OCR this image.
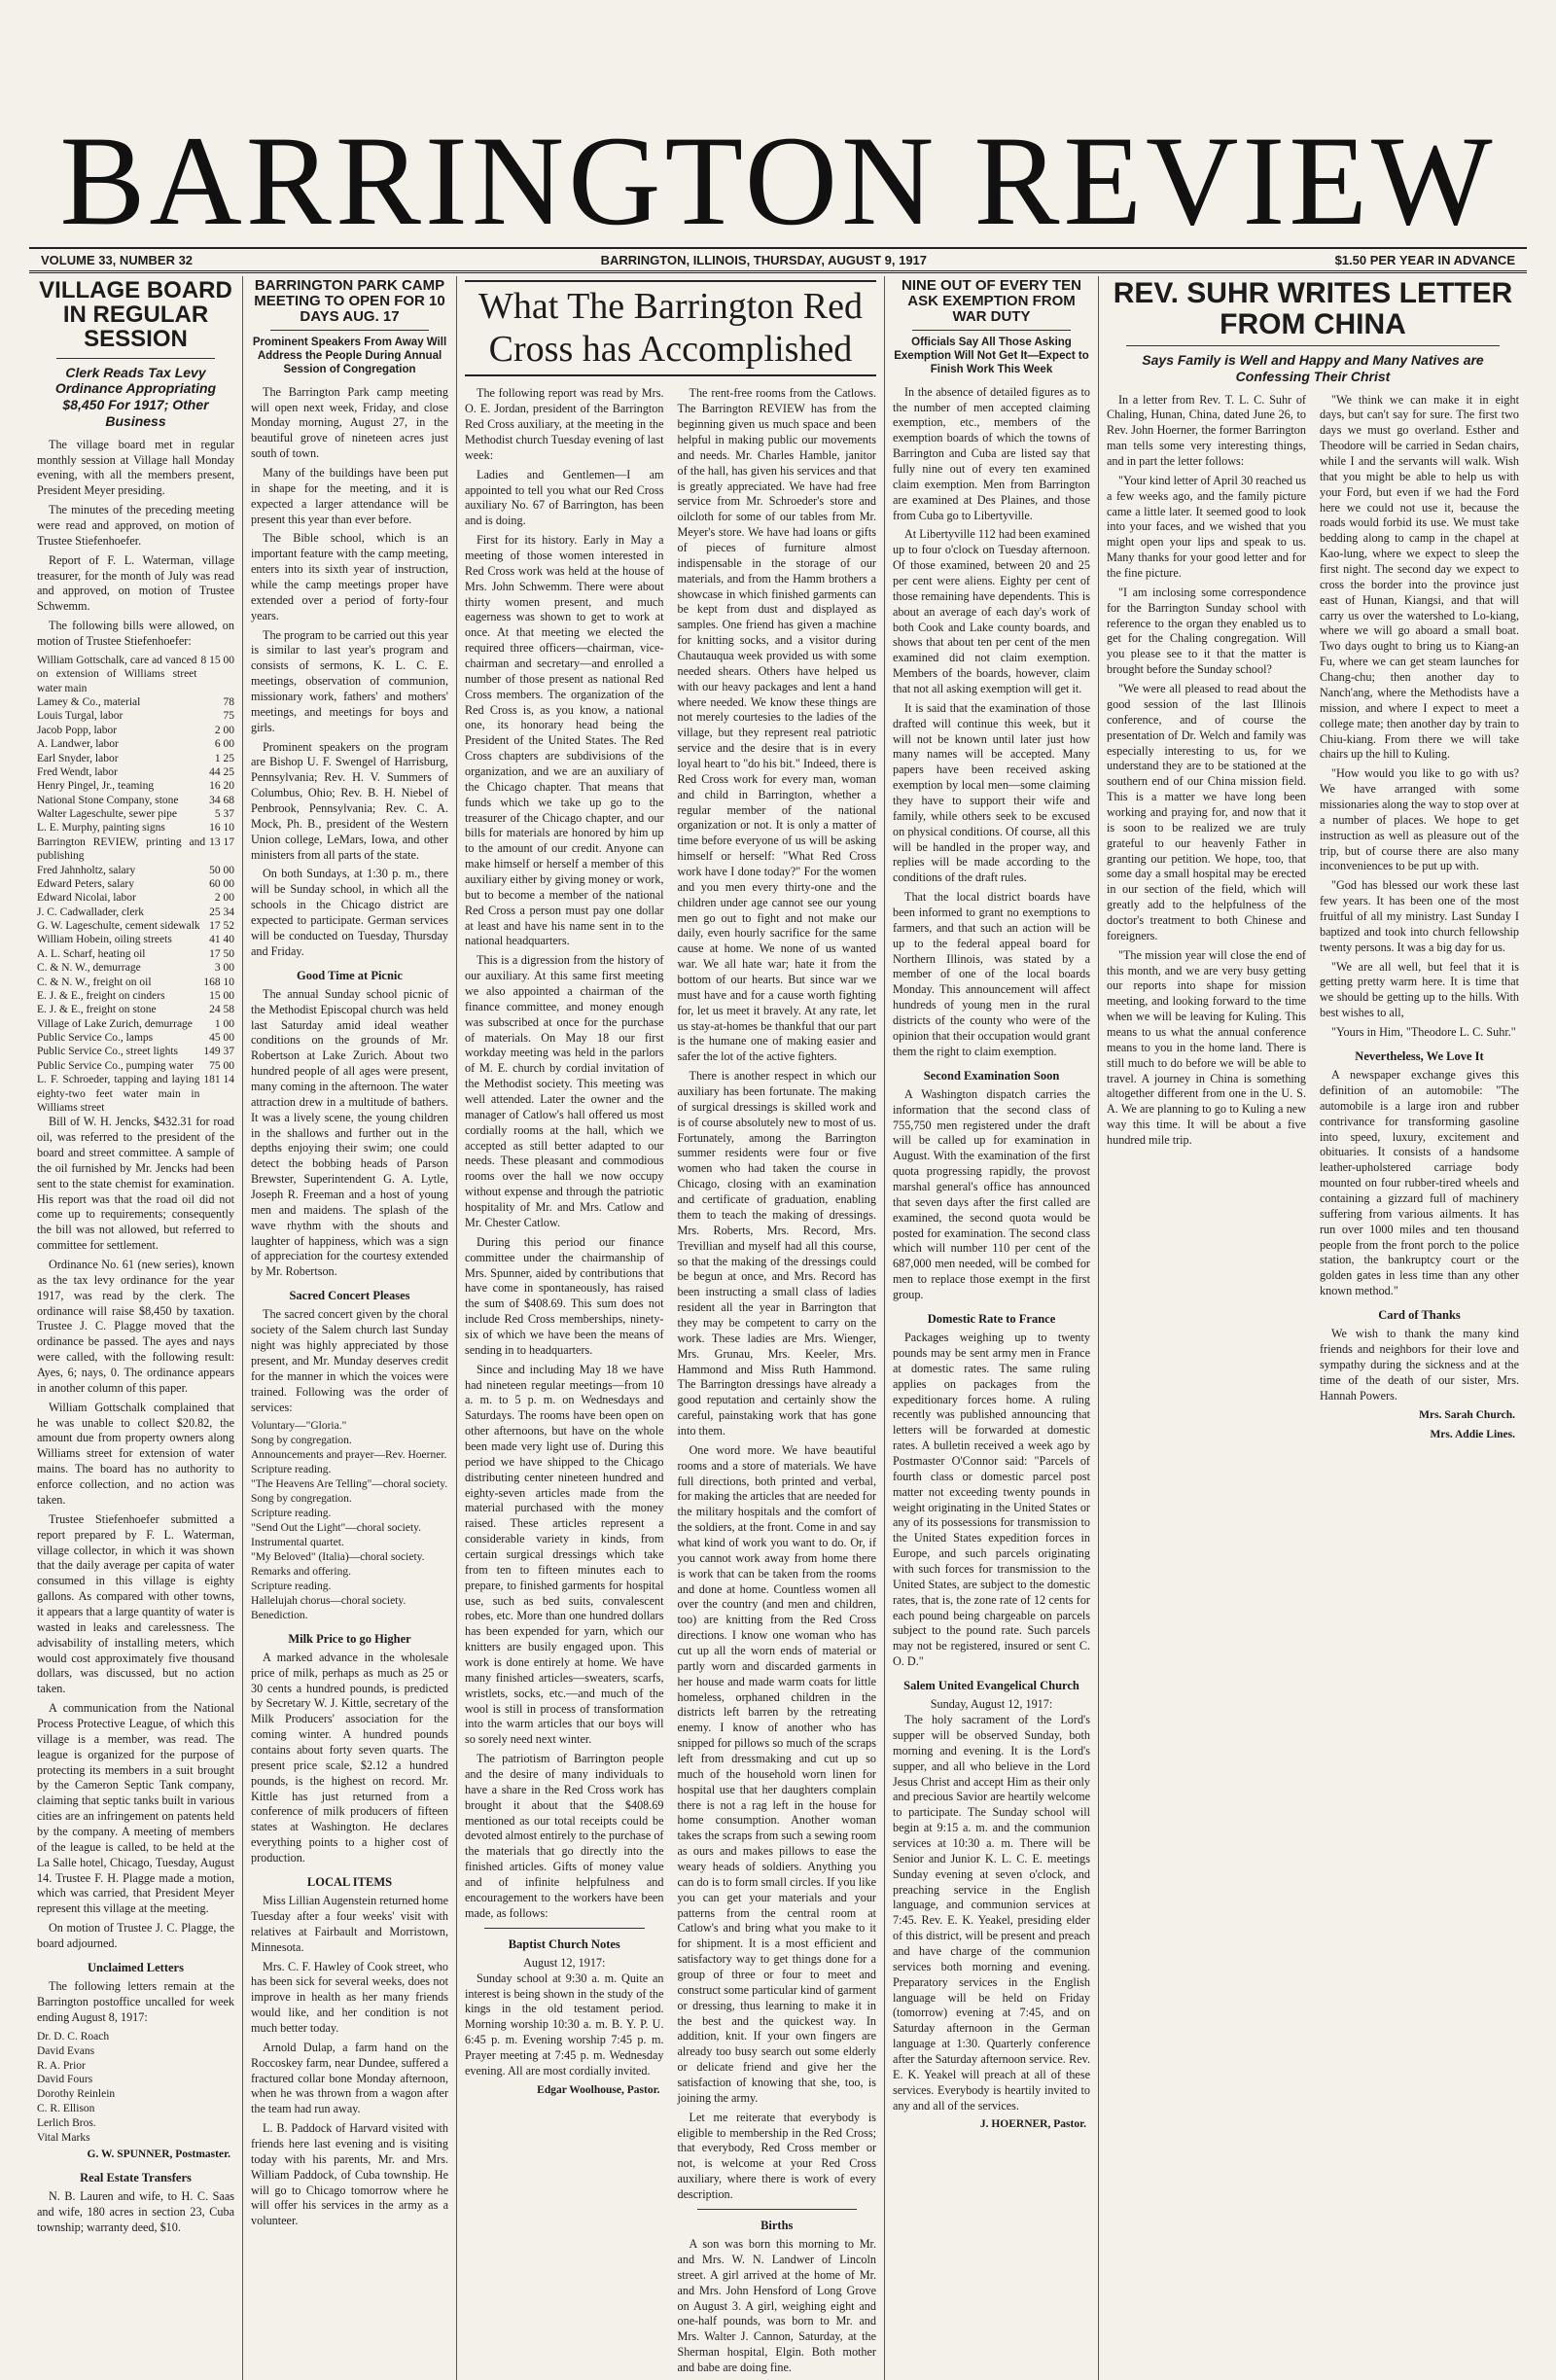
BARRINGTON REVIEW
VOLUME 33, NUMBER 32	BARRINGTON, ILLINOIS, THURSDAY, AUGUST 9, 1917	$1.50 PER YEAR IN ADVANCE
VILLAGE BOARD IN REGULAR SESSION
Clerk Reads Tax Levy Ordinance Appropriating $8,450 For 1917; Other Business

The village board met in regular monthly session at Village hall Monday evening, with all the members present, President Meyer presiding.

The minutes of the preceding meeting were read and approved, on motion of Trustee Stiefenhoefer.

Report of F. L. Waterman, village treasurer, for the month of July was read and approved, on motion of Trustee Schwemm.

The following bills were allowed, on motion of Trustee Stiefenhoefer:

William Gottschalk, care ad vanced on extension of Williams street water main
8 15 00
Lamey & Co., material	78
Louis Turgal, labor	75
Jacob Popp, labor	2 00
A. Landwer, labor	6 00
Earl Snyder, labor	1 25
Fred Wendt, labor	44 25
Henry Pingel, Jr., teaming	16 20
National Stone Company, stone	34 68
Walter Lageschulte, sewer pipe	5 37
L. E. Murphy, painting signs	16 10
Barrington REVIEW, printing and publishing
13 17
Fred Jahnholtz, salary	50 00
Edward Peters, salary	60 00
Edward Nicolai, labor	2 00
J. C. Cadwallader, clerk	25 34
G. W. Lageschulte, cement sidewalk 17 52
William Hobein, oiling streets	41 40
A. L. Scharf, heating oil	17 50
C. & N. W., demurrage	3 00
C. & N. W., freight on oil	168 10
E. J. & E., freight on cinders	15 00
E. J. & E., freight on stone	24 58
Village of Lake Zurich, demurrage	1 00
Public Service Co., lamps	45 00
Public Service Co., street lights	149 37
Public Service Co., pumping water	75 00
L. F. Schroeder, tapping and laying eighty-two feet water main in Williams street
181 14

Bill of W. H. Jencks, $432.31 for road oil, was referred to the president of the board and street committee. A sample of the oil furnished by Mr. Jencks had been sent to the state chemist for examination. His report was that the road oil did not come up to requirements; consequently the bill was not allowed, but referred to committee for settlement.

Ordinance No. 61 (new series), known as the tax levy ordinance for the year 1917, was read by the clerk. The ordinance will raise $8,450 by taxation. Trustee J. C. Plagge moved that the ordinance be passed. The ayes and nays were called, with the following result: Ayes, 6; nays, 0. The ordinance appears in another column of this paper.

William Gottschalk complained that he was unable to collect $20.82, the amount due from property owners along Williams street for extension of water mains. The board has no authority to enforce collection, and no action was taken.

Trustee Stiefenhoefer submitted a report prepared by F. L. Waterman, village collector, in which it was shown that the daily average per capita of water consumed in this village is eighty gallons. As compared with other towns, it appears that a large quantity of water is wasted in leaks and carelessness. The advisability of installing meters, which would cost approximately five thousand dollars, was discussed, but no action taken.

A communication from the National Process Protective League, of which this village is a member, was read. The league is organized for the purpose of protecting its members in a suit brought by the Cameron Septic Tank company, claiming that septic tanks built in various cities are an infringement on patents held by the company. A meeting of members of the league is called, to be held at the La Salle hotel, Chicago, Tuesday, August 14. Trustee F. H. Plagge made a motion, which was carried, that President Meyer represent this village at the meeting.

On motion of Trustee J. C. Plagge, the board adjourned.

Unclaimed Letters

The following letters remain at the Barrington postoffice uncalled for week ending August 8, 1917:

Dr. D. C. Roach
David Evans
R. A. Prior
David Fours
Dorothy Reinlein
C. R. Ellison
Lerlich Bros.
Vital Marks
G. W. SPUNNER, Postmaster.
Real Estate Transfers

N. B. Lauren and wife, to H. C. Saas and wife, 180 acres in section 23, Cuba township; warranty deed, $10.

BARRINGTON PARK CAMP MEETING TO OPEN FOR 10 DAYS AUG. 17
Prominent Speakers From Away Will Address the People During Annual Session of Congregation

The Barrington Park camp meeting will open next week, Friday, and close Monday morning, August 27, in the beautiful grove of nineteen acres just south of town.

Many of the buildings have been put in shape for the meeting, and it is expected a larger attendance will be present this year than ever before.

The Bible school, which is an important feature with the camp meeting, enters into its sixth year of instruction, while the camp meetings proper have extended over a period of forty-four years.

The program to be carried out this year is similar to last year's program and consists of sermons, K. L. C. E. meetings, observation of communion, missionary work, fathers' and mothers' meetings, and meetings for boys and girls.

Prominent speakers on the program are Bishop U. F. Swengel of Harrisburg, Pennsylvania; Rev. H. V. Summers of Columbus, Ohio; Rev. B. H. Niebel of Penbrook, Pennsylvania; Rev. C. A. Mock, Ph. B., president of the Western Union college, LeMars, Iowa, and other ministers from all parts of the state.

On both Sundays, at 1:30 p. m., there will be Sunday school, in which all the schools in the Chicago district are expected to participate. German services will be conducted on Tuesday, Thursday and Friday.

Good Time at Picnic

The annual Sunday school picnic of the Methodist Episcopal church was held last Saturday amid ideal weather conditions on the grounds of Mr. Robertson at Lake Zurich. About two hundred people of all ages were present, many coming in the afternoon. The water attraction drew in a multitude of bathers. It was a lively scene, the young children in the shallows and further out in the depths enjoying their swim; one could detect the bobbing heads of Parson Brewster, Superintendent G. A. Lytle, Joseph R. Freeman and a host of young men and maidens. The splash of the wave rhythm with the shouts and laughter of happiness, which was a sign of appreciation for the courtesy extended by Mr. Robertson.

Sacred Concert Pleases

The sacred concert given by the choral society of the Salem church last Sunday night was highly appreciated by those present, and Mr. Munday deserves credit for the manner in which the voices were trained. Following was the order of services:

Voluntary—"Gloria."
Song by congregation.
Announcements and prayer—Rev. Hoerner.
Scripture reading.
"The Heavens Are Telling"—choral society.
Song by congregation.
Scripture reading.
"Send Out the Light"—choral society.
Instrumental quartet.
"My Beloved" (Italia)—choral society.
Remarks and offering.
Scripture reading.
Hallelujah chorus—choral society.
Benediction.
Milk Price to go Higher

A marked advance in the wholesale price of milk, perhaps as much as 25 or 30 cents a hundred pounds, is predicted by Secretary W. J. Kittle, secretary of the Milk Producers' association for the coming winter. A hundred pounds contains about forty seven quarts. The present price scale, $2.12 a hundred pounds, is the highest on record. Mr. Kittle has just returned from a conference of milk producers of fifteen states at Washington. He declares everything points to a higher cost of production.

LOCAL ITEMS

Miss Lillian Augenstein returned home Tuesday after a four weeks' visit with relatives at Fairbault and Morristown, Minnesota.

Mrs. C. F. Hawley of Cook street, who has been sick for several weeks, does not improve in health as her many friends would like, and her condition is not much better today.

Arnold Dulap, a farm hand on the Roccoskey farm, near Dundee, suffered a fractured collar bone Monday afternoon, when he was thrown from a wagon after the team had run away.

L. B. Paddock of Harvard visited with friends here last evening and is visiting today with his parents, Mr. and Mrs. William Paddock, of Cuba township. He will go to Chicago tomorrow where he will offer his services in the army as a volunteer.

What The Barrington Red Cross has Accomplished

The following report was read by Mrs. O. E. Jordan, president of the Barrington Red Cross auxiliary, at the meeting in the Methodist church Tuesday evening of last week:

Ladies and Gentlemen—I am appointed to tell you what our Red Cross auxiliary No. 67 of Barrington, has been and is doing.

First for its history. Early in May a meeting of those women interested in Red Cross work was held at the house of Mrs. John Schwemm. There were about thirty women present, and much eagerness was shown to get to work at once. At that meeting we elected the required three officers—chairman, vice-chairman and secretary—and enrolled a number of those present as national Red Cross members. The organization of the Red Cross is, as you know, a national one, its honorary head being the President of the United States. The Red Cross chapters are subdivisions of the organization, and we are an auxiliary of the Chicago chapter. That means that funds which we take up go to the treasurer of the Chicago chapter, and our bills for materials are honored by him up to the amount of our credit. Anyone can make himself or herself a member of this auxiliary either by giving money or work, but to become a member of the national Red Cross a person must pay one dollar at least and have his name sent in to the national headquarters.

This is a digression from the history of our auxiliary. At this same first meeting we also appointed a chairman of the finance committee, and money enough was subscribed at once for the purchase of materials. On May 18 our first workday meeting was held in the parlors of M. E. church by cordial invitation of the Methodist society. This meeting was well attended. Later the owner and the manager of Catlow's hall offered us most cordially rooms at the hall, which we accepted as still better adapted to our needs. These pleasant and commodious rooms over the hall we now occupy without expense and through the patriotic hospitality of Mr. and Mrs. Catlow and Mr. Chester Catlow.

During this period our finance committee under the chairmanship of Mrs. Spunner, aided by contributions that have come in spontaneously, has raised the sum of $408.69. This sum does not include Red Cross memberships, ninety-six of which we have been the means of sending in to headquarters.

Since and including May 18 we have had nineteen regular meetings—from 10 a. m. to 5 p. m. on Wednesdays and Saturdays. The rooms have been open on other afternoons, but have on the whole been made very light use of. During this period we have shipped to the Chicago distributing center nineteen hundred and eighty-seven articles made from the material purchased with the money raised. These articles represent a considerable variety in kinds, from certain surgical dressings which take from ten to fifteen minutes each to prepare, to finished garments for hospital use, such as bed suits, convalescent robes, etc. More than one hundred dollars has been expended for yarn, which our knitters are busily engaged upon. This work is done entirely at home. We have many finished articles—sweaters, scarfs, wristlets, socks, etc.—and much of the wool is still in process of transformation into the warm articles that our boys will so sorely need next winter.

The patriotism of Barrington people and the desire of many individuals to have a share in the Red Cross work has brought it about that the $408.69 mentioned as our total receipts could be devoted almost entirely to the purchase of the materials that go directly into the finished articles. Gifts of money value and of infinite helpfulness and encouragement to the workers have been made, as follows:

Baptist Church Notes
August 12, 1917:

Sunday school at 9:30 a. m. Quite an interest is being shown in the study of the kings in the old testament period. Morning worship 10:30 a. m. B. Y. P. U. 6:45 p. m. Evening worship 7:45 p. m. Prayer meeting at 7:45 p. m. Wednesday evening. All are most cordially invited.

Edgar Woolhouse, Pastor.

The rent-free rooms from the Catlows. The Barrington REVIEW has from the beginning given us much space and been helpful in making public our movements and needs. Mr. Charles Hamble, janitor of the hall, has given his services and that is greatly appreciated. We have had free service from Mr. Schroeder's store and oilcloth for some of our tables from Mr. Meyer's store. We have had loans or gifts of pieces of furniture almost indispensable in the storage of our materials, and from the Hamm brothers a showcase in which finished garments can be kept from dust and displayed as samples. One friend has given a machine for knitting socks, and a visitor during Chautauqua week provided us with some needed shears. Others have helped us with our heavy packages and lent a hand where needed. We know these things are not merely courtesies to the ladies of the village, but they represent real patriotic service and the desire that is in every loyal heart to "do his bit." Indeed, there is Red Cross work for every man, woman and child in Barrington, whether a regular member of the national organization or not. It is only a matter of time before everyone of us will be asking himself or herself: "What Red Cross work have I done today?" For the women and you men every thirty-one and the children under age cannot see our young men go out to fight and not make our daily, even hourly sacrifice for the same cause at home. We none of us wanted war. We all hate war; hate it from the bottom of our hearts. But since war we must have and for a cause worth fighting for, let us meet it bravely. At any rate, let us stay-at-homes be thankful that our part is the humane one of making easier and safer the lot of the active fighters.

There is another respect in which our auxiliary has been fortunate. The making of surgical dressings is skilled work and is of course absolutely new to most of us. Fortunately, among the Barrington summer residents were four or five women who had taken the course in Chicago, closing with an examination and certificate of graduation, enabling them to teach the making of dressings. Mrs. Roberts, Mrs. Record, Mrs. Trevillian and myself had all this course, so that the making of the dressings could be begun at once, and Mrs. Record has been instructing a small class of ladies resident all the year in Barrington that they may be competent to carry on the work. These ladies are Mrs. Wienger, Mrs. Grunau, Mrs. Keeler, Mrs. Hammond and Miss Ruth Hammond. The Barrington dressings have already a good reputation and certainly show the careful, painstaking work that has gone into them.

One word more. We have beautiful rooms and a store of materials. We have full directions, both printed and verbal, for making the articles that are needed for the military hospitals and the comfort of the soldiers, at the front. Come in and say what kind of work you want to do. Or, if you cannot work away from home there is work that can be taken from the rooms and done at home. Countless women all over the country (and men and children, too) are knitting from the Red Cross directions. I know one woman who has cut up all the worn ends of material or partly worn and discarded garments in her house and made warm coats for little homeless, orphaned children in the districts left barren by the retreating enemy. I know of another who has snipped for pillows so much of the scraps left from dressmaking and cut up so much of the household worn linen for hospital use that her daughters complain there is not a rag left in the house for home consumption. Another woman takes the scraps from such a sewing room as ours and makes pillows to ease the weary heads of soldiers. Anything you can do is to form small circles. If you like you can get your materials and your patterns from the central room at Catlow's and bring what you make to it for shipment. It is a most efficient and satisfactory way to get things done for a group of three or four to meet and construct some particular kind of garment or dressing, thus learning to make it in the best and the quickest way. In addition, knit. If your own fingers are already too busy search out some elderly or delicate friend and give her the satisfaction of knowing that she, too, is joining the army.

Let me reiterate that everybody is eligible to membership in the Red Cross; that everybody, Red Cross member or not, is welcome at your Red Cross auxiliary, where there is work of every description.

Births

A son was born this morning to Mr. and Mrs. W. N. Landwer of Lincoln street. A girl arrived at the home of Mr. and Mrs. John Hensford of Long Grove on August 3. A girl, weighing eight and one-half pounds, was born to Mr. and Mrs. Walter J. Cannon, Saturday, at the Sherman hospital, Elgin. Both mother and babe are doing fine.

NINE OUT OF EVERY TEN ASK EXEMPTION FROM WAR DUTY
Officials Say All Those Asking Exemption Will Not Get It—Expect to Finish Work This Week

In the absence of detailed figures as to the number of men accepted claiming exemption, etc., members of the exemption boards of which the towns of Barrington and Cuba are listed say that fully nine out of every ten examined claim exemption. Men from Barrington are examined at Des Plaines, and those from Cuba go to Libertyville.

At Libertyville 112 had been examined up to four o'clock on Tuesday afternoon. Of those examined, between 20 and 25 per cent were aliens. Eighty per cent of those remaining have dependents. This is about an average of each day's work of both Cook and Lake county boards, and shows that about ten per cent of the men examined did not claim exemption. Members of the boards, however, claim that not all asking exemption will get it.

It is said that the examination of those drafted will continue this week, but it will not be known until later just how many names will be accepted. Many papers have been received asking exemption by local men—some claiming they have to support their wife and family, while others seek to be excused on physical conditions. Of course, all this will be handled in the proper way, and replies will be made according to the conditions of the draft rules.

That the local district boards have been informed to grant no exemptions to farmers, and that such an action will be up to the federal appeal board for Northern Illinois, was stated by a member of one of the local boards Monday. This announcement will affect hundreds of young men in the rural districts of the county who were of the opinion that their occupation would grant them the right to claim exemption.

Second Examination Soon

A Washington dispatch carries the information that the second class of 755,750 men registered under the draft will be called up for examination in August. With the examination of the first quota progressing rapidly, the provost marshal general's office has announced that seven days after the first called are examined, the second quota would be posted for examination. The second class which will number 110 per cent of the 687,000 men needed, will be combed for men to replace those exempt in the first group.

Domestic Rate to France

Packages weighing up to twenty pounds may be sent army men in France at domestic rates. The same ruling applies on packages from the expeditionary forces home. A ruling recently was published announcing that letters will be forwarded at domestic rates. A bulletin received a week ago by Postmaster O'Connor said: "Parcels of fourth class or domestic parcel post matter not exceeding twenty pounds in weight originating in the United States or any of its possessions for transmission to the United States expedition forces in Europe, and such parcels originating with such forces for transmission to the United States, are subject to the domestic rates, that is, the zone rate of 12 cents for each pound being chargeable on parcels subject to the pound rate. Such parcels may not be registered, insured or sent C. O. D."

Salem United Evangelical Church
Sunday, August 12, 1917:

The holy sacrament of the Lord's supper will be observed Sunday, both morning and evening. It is the Lord's supper, and all who believe in the Lord Jesus Christ and accept Him as their only and precious Savior are heartily welcome to participate. The Sunday school will begin at 9:15 a. m. and the communion services at 10:30 a. m. There will be Senior and Junior K. L. C. E. meetings Sunday evening at seven o'clock, and preaching service in the English language, and communion services at 7:45. Rev. E. K. Yeakel, presiding elder of this district, will be present and preach and have charge of the communion services both morning and evening. Preparatory services in the English language will be held on Friday (tomorrow) evening at 7:45, and on Saturday afternoon in the German language at 1:30. Quarterly conference after the Saturday afternoon service. Rev. E. K. Yeakel will preach at all of these services. Everybody is heartily invited to any and all of the services.

J. HOERNER, Pastor.
REV. SUHR WRITES LETTER FROM CHINA
Says Family is Well and Happy and Many Natives are Confessing Their Christ

In a letter from Rev. T. L. C. Suhr of Chaling, Hunan, China, dated June 26, to Rev. John Hoerner, the former Barrington man tells some very interesting things, and in part the letter follows:

"Your kind letter of April 30 reached us a few weeks ago, and the family picture came a little later. It seemed good to look into your faces, and we wished that you might open your lips and speak to us. Many thanks for your good letter and for the fine picture.

"I am inclosing some correspondence for the Barrington Sunday school with reference to the organ they enabled us to get for the Chaling congregation. Will you please see to it that the matter is brought before the Sunday school?

"We were all pleased to read about the good session of the last Illinois conference, and of course the presentation of Dr. Welch and family was especially interesting to us, for we understand they are to be stationed at the southern end of our China mission field. This is a matter we have long been working and praying for, and now that it is soon to be realized we are truly grateful to our heavenly Father in granting our petition. We hope, too, that some day a small hospital may be erected in our section of the field, which will greatly add to the helpfulness of the doctor's treatment to both Chinese and foreigners.

"The mission year will close the end of this month, and we are very busy getting our reports into shape for mission meeting, and looking forward to the time when we will be leaving for Kuling. This means to us what the annual conference means to you in the home land. There is still much to do before we will be able to travel. A journey in China is something altogether different from one in the U. S. A. We are planning to go to Kuling a new way this time. It will be about a five hundred mile trip.

"We think we can make it in eight days, but can't say for sure. The first two days we must go overland. Esther and Theodore will be carried in Sedan chairs, while I and the servants will walk. Wish that you might be able to help us with your Ford, but even if we had the Ford here we could not use it, because the roads would forbid its use. We must take bedding along to camp in the chapel at Kao-lung, where we expect to sleep the first night. The second day we expect to cross the border into the province just east of Hunan, Kiangsi, and that will carry us over the watershed to Lo-kiang, where we will go aboard a small boat. Two days ought to bring us to Kiang-an Fu, where we can get steam launches for Chang-chu; then another day to Nanch'ang, where the Methodists have a mission, and where I expect to meet a college mate; then another day by train to Chiu-kiang. From there we will take chairs up the hill to Kuling.

"How would you like to go with us? We have arranged with some missionaries along the way to stop over at a number of places. We hope to get instruction as well as pleasure out of the trip, but of course there are also many inconveniences to be put up with.

"God has blessed our work these last few years. It has been one of the most fruitful of all my ministry. Last Sunday I baptized and took into church fellowship twenty persons. It was a big day for us.

"We are all well, but feel that it is getting pretty warm here. It is time that we should be getting up to the hills. With best wishes to all,

"Yours in Him, "Theodore L. C. Suhr."

Nevertheless, We Love It

A newspaper exchange gives this definition of an automobile: "The automobile is a large iron and rubber contrivance for transforming gasoline into speed, luxury, excitement and obituaries. It consists of a handsome leather-upholstered carriage body mounted on four rubber-tired wheels and containing a gizzard full of machinery suffering from various ailments. It has run over 1000 miles and ten thousand people from the front porch to the police station, the bankruptcy court or the golden gates in less time than any other known method."

Card of Thanks

We wish to thank the many kind friends and neighbors for their love and sympathy during the sickness and at the time of the death of our sister, Mrs. Hannah Powers.

Mrs. Sarah Church.
Mrs. Addie Lines.
